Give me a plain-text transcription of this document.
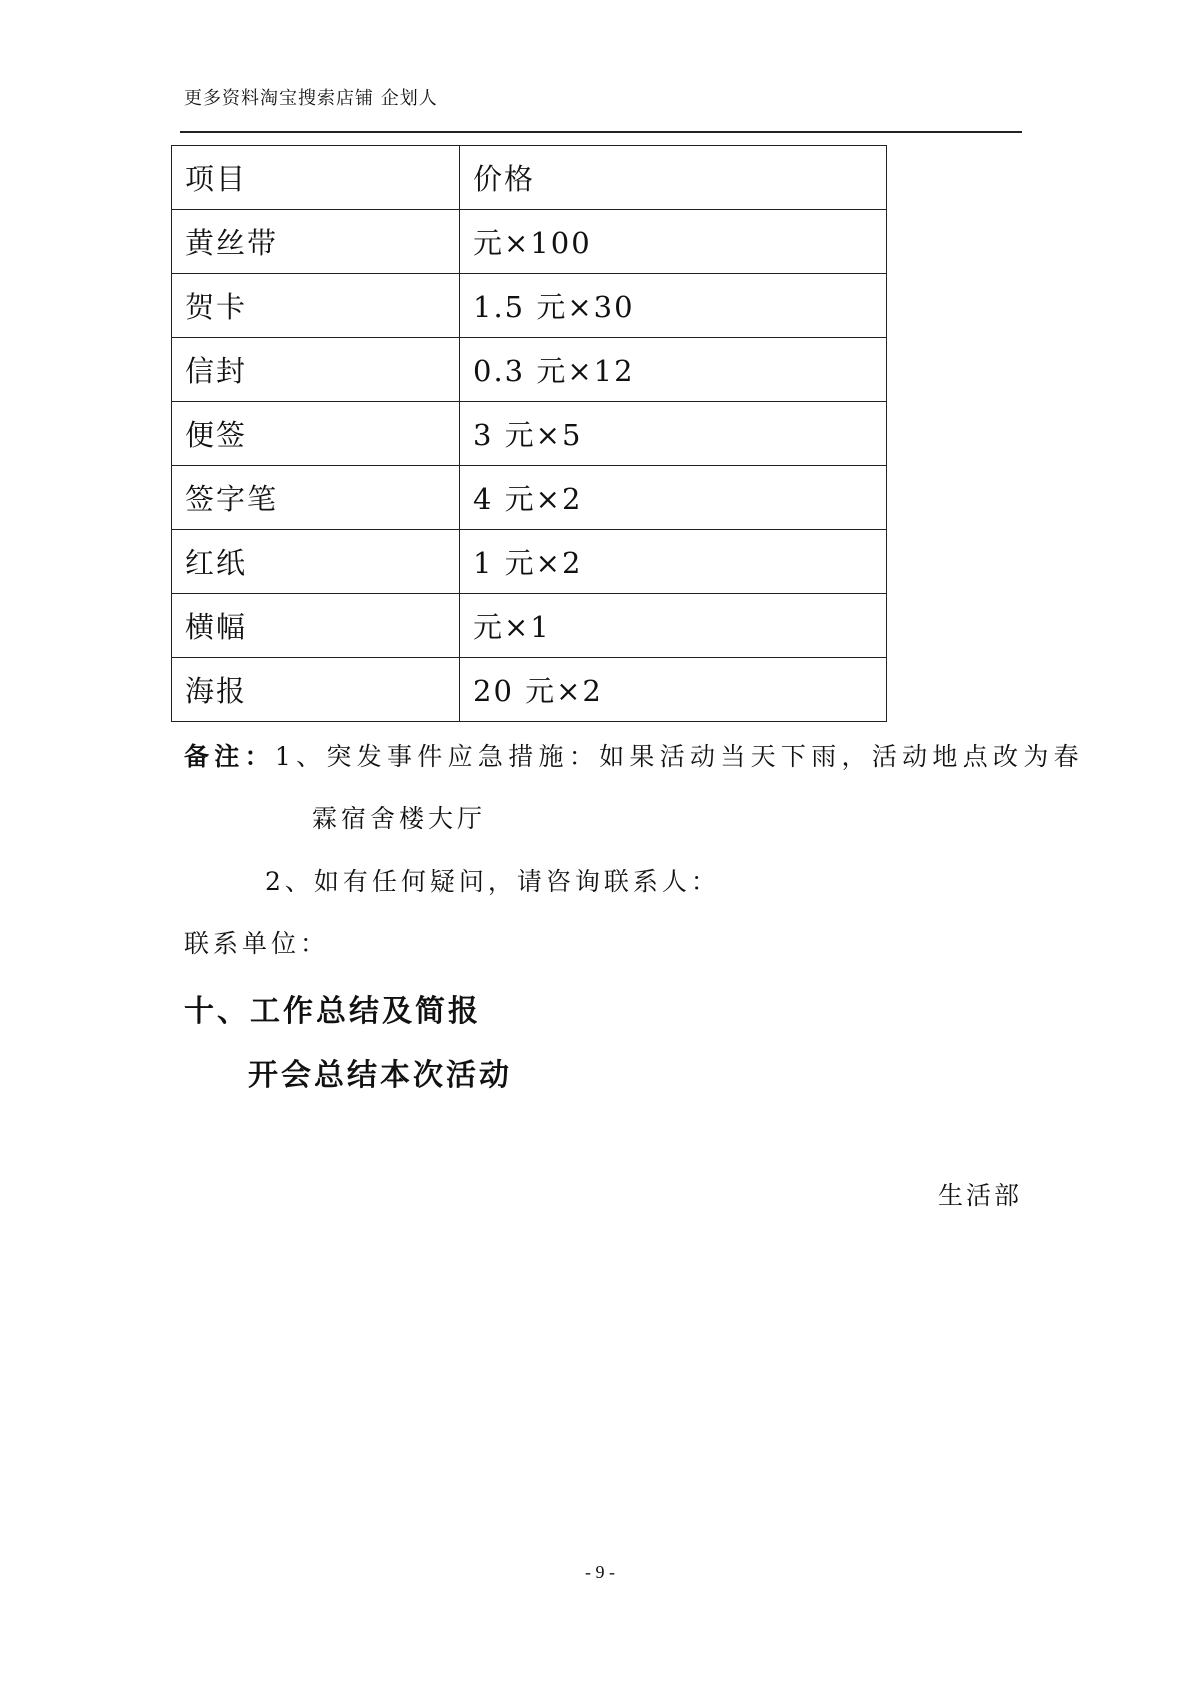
更多资料淘宝搜索店铺 企划人
项目	价格
黄丝带	元×100
贺卡	1.5 元×30
信封	0.3 元×12
便签	3 元×5
签字笔	4 元×2
红纸	1 元×2
横幅	元×1
海报	20 元×2
备注：1、突发事件应急措施：如果活动当天下雨，活动地点改为春
霖宿舍楼大厅
2、如有任何疑问，请咨询联系人：
联系单位：
十、工作总结及简报
开会总结本次活动
生活部
- 9 -
